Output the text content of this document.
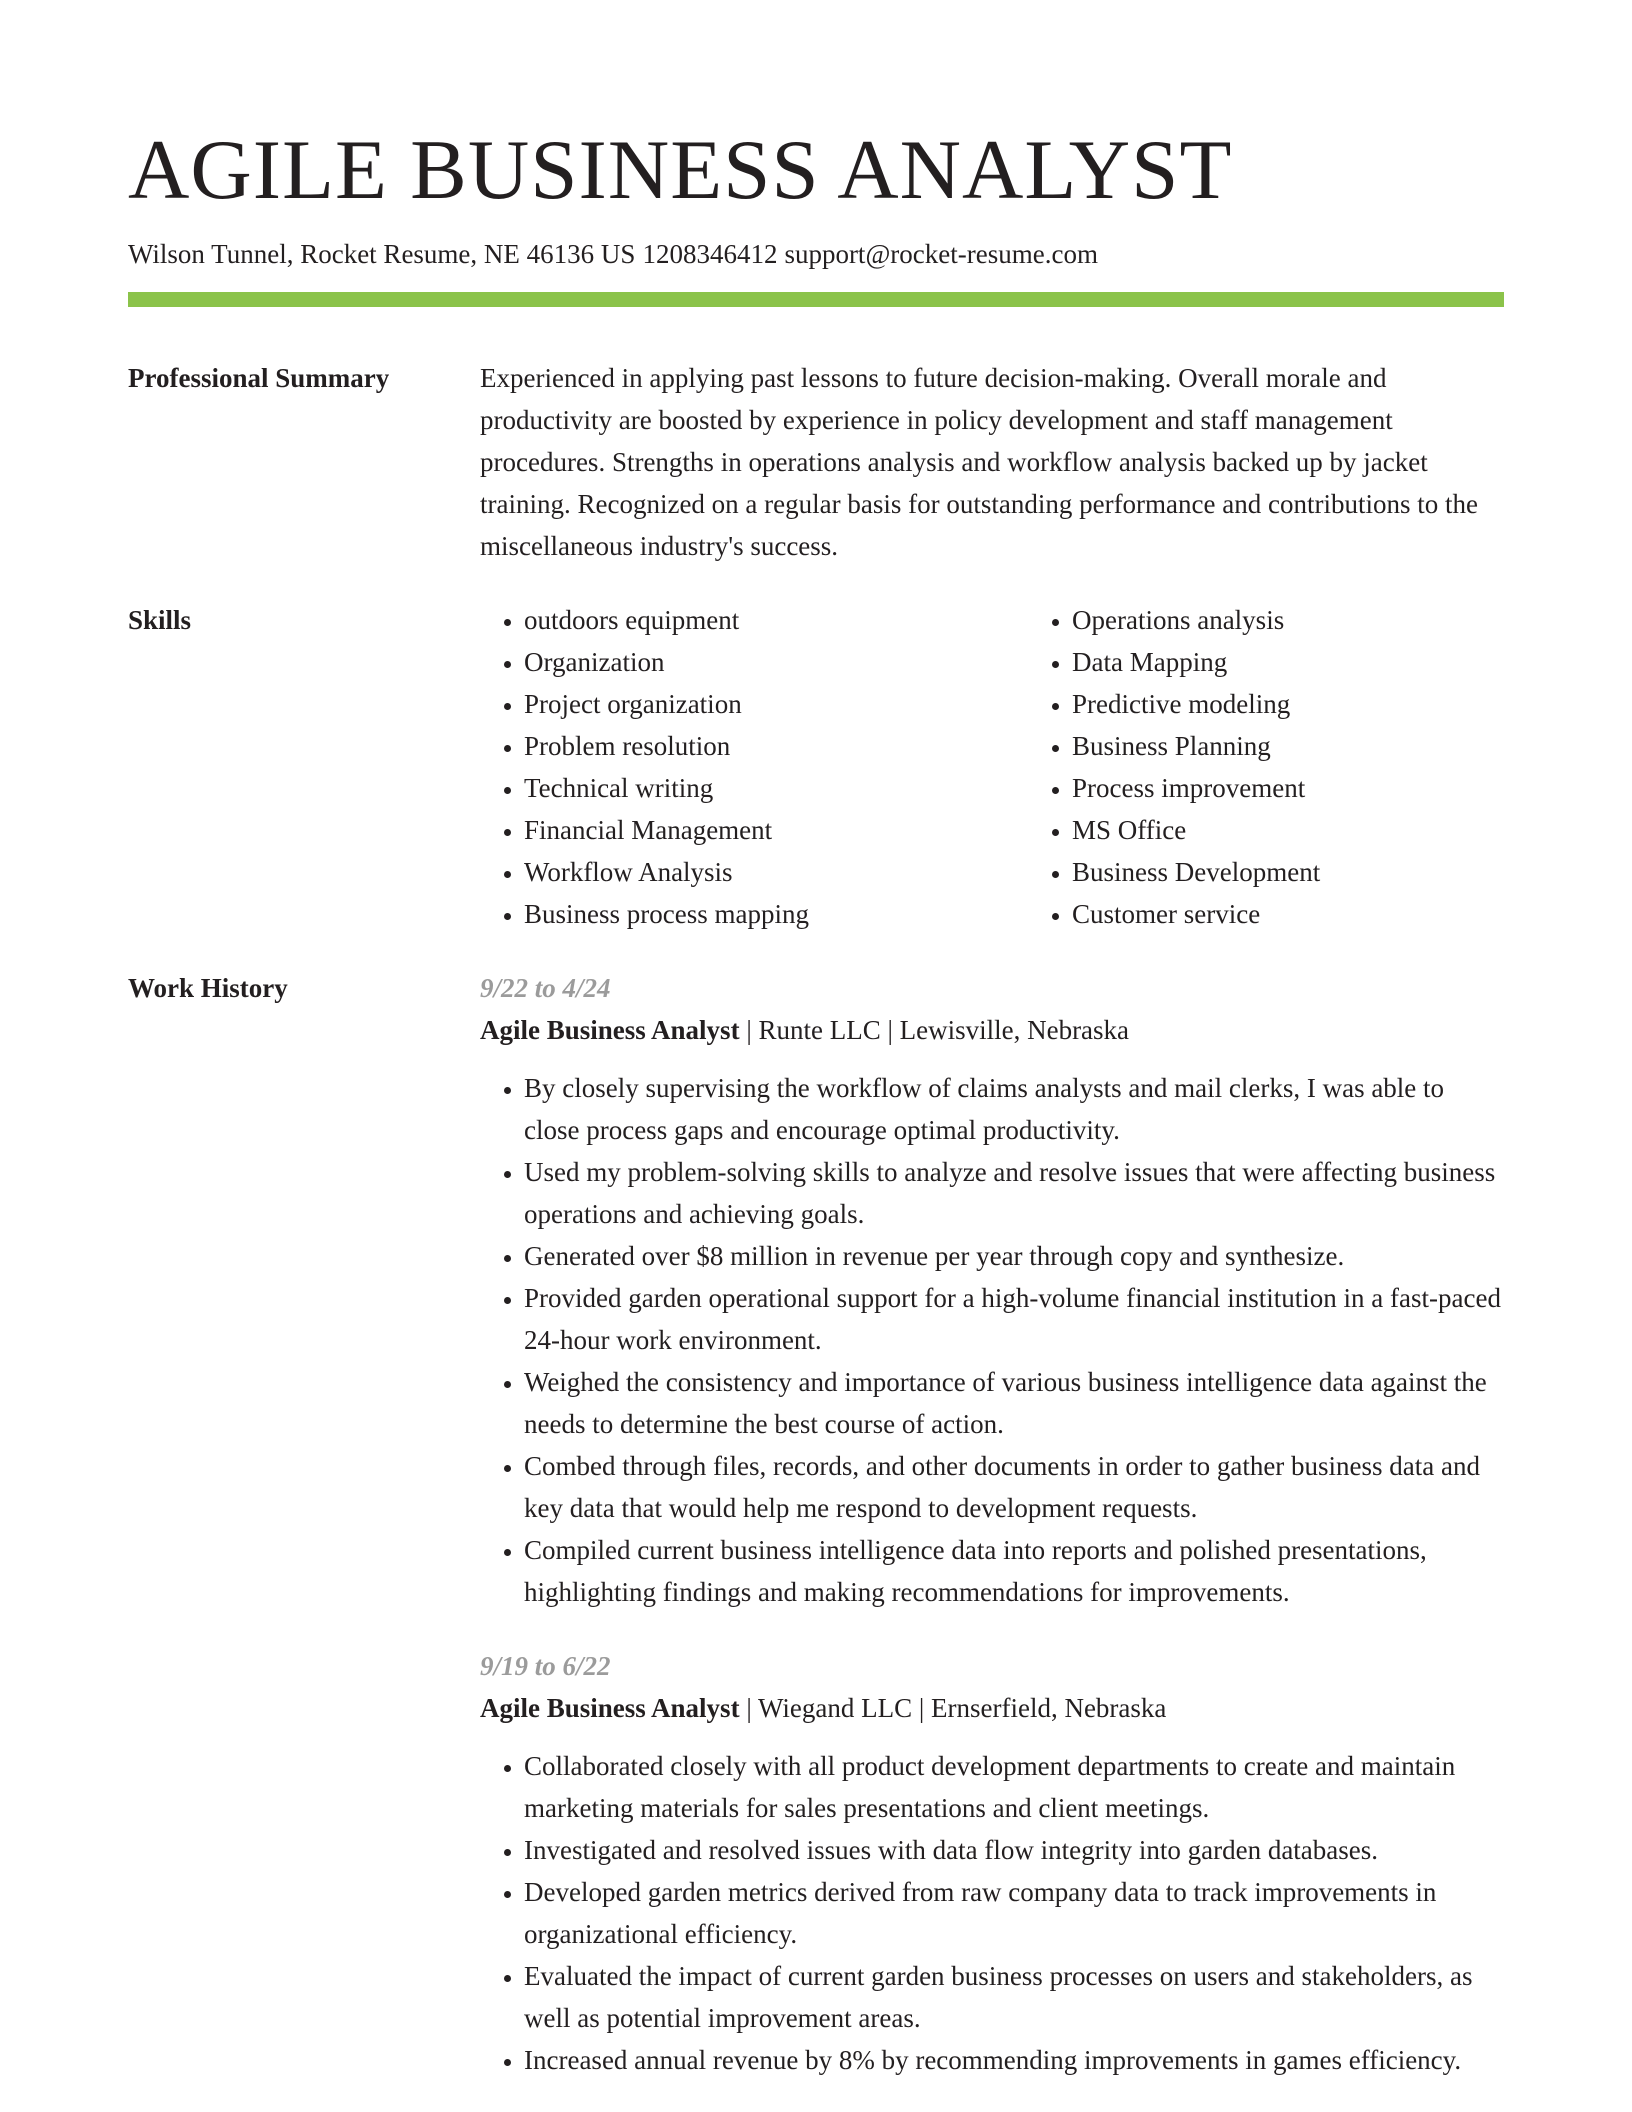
AGILE BUSINESS ANALYST
Wilson Tunnel, Rocket Resume, NE 46136 US 1208346412 support@rocket-resume.com
Professional Summary	Experienced in applying past lessons to future decision-making. Overall morale and productivity are boosted by experience in policy development and staff management procedures. Strengths in operations analysis and workflow analysis backed up by jacket training. Recognized on a regular basis for outstanding performance and contributions to the miscellaneous industry's success.
Skills
•	outdoors equipment
• Organization
• Project organization
• Problem resolution
• Technical writing
• Financial Management
• Workflow Analysis
• Business process mapping
• Operations analysis
• Data Mapping
• Predictive modeling
• Business Planning
• Process improvement
• MS Office
• Business Development
• Customer service
Work History	9/22 to 4/24
Agile Business Analyst | Runte LLC | Lewisville, Nebraska
• By closely supervising the workflow of claims analysts and mail clerks, I was able to close process gaps and encourage optimal productivity.
• Used my problem-solving skills to analyze and resolve issues that were affecting business operations and achieving goals.
• Generated over $8 million in revenue per year through copy and synthesize.
• Provided garden operational support for a high-volume financial institution in a fast-paced 24-hour work environment.
• Weighed the consistency and importance of various business intelligence data against the needs to determine the best course of action.
• Combed through files, records, and other documents in order to gather business data and key data that would help me respond to development requests.
• Compiled current business intelligence data into reports and polished presentations, highlighting findings and making recommendations for improvements.
9/19 to 6/22
Agile Business Analyst | Wiegand LLC | Ernserfield, Nebraska
• Collaborated closely with all product development departments to create and maintain marketing materials for sales presentations and client meetings.
• Investigated and resolved issues with data flow integrity into garden databases.
• Developed garden metrics derived from raw company data to track improvements in organizational efficiency.
• Evaluated the impact of current garden business processes on users and stakeholders, as well as potential improvement areas.
• Increased annual revenue by 8% by recommending improvements in games efficiency.
